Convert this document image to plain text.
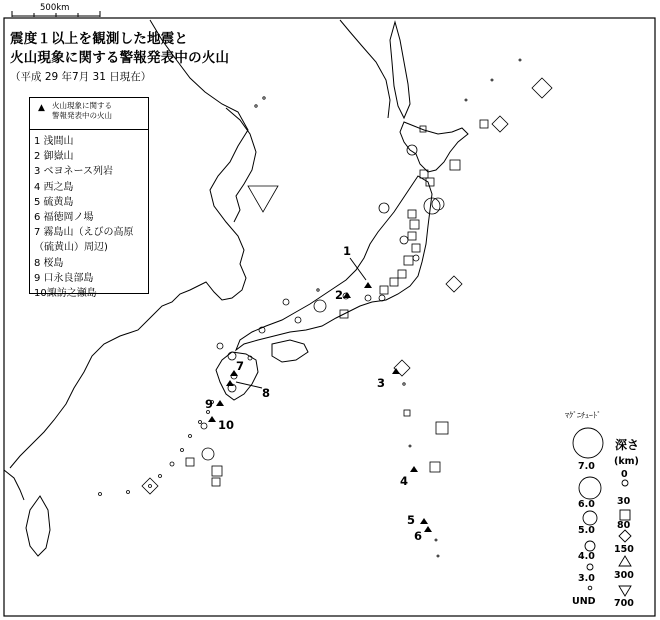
500km
震度１以上を観測した地震と
火山現象に関する警報発表中の火山
（平成 29 年7月 31 日現在）
▲ 火山現象に関する
警報発表中の火山
1 浅間山
2 御嶽山
3 ベヨネース列岩
4 西之島
5 硫黄島
6 福徳岡ノ場
7 霧島山（えびの高原
（硫黄山）周辺)
8 桜島
9 口永良部島
10諏訪之瀬島
1
2
3
4
5
6
7
8
9
10
ﾏｸﾞﾆﾁｭｰﾄﾞ
深さ
(km)
7.0
6.0
5.0
4.0
3.0
UND
0
30
80
150
300
700
